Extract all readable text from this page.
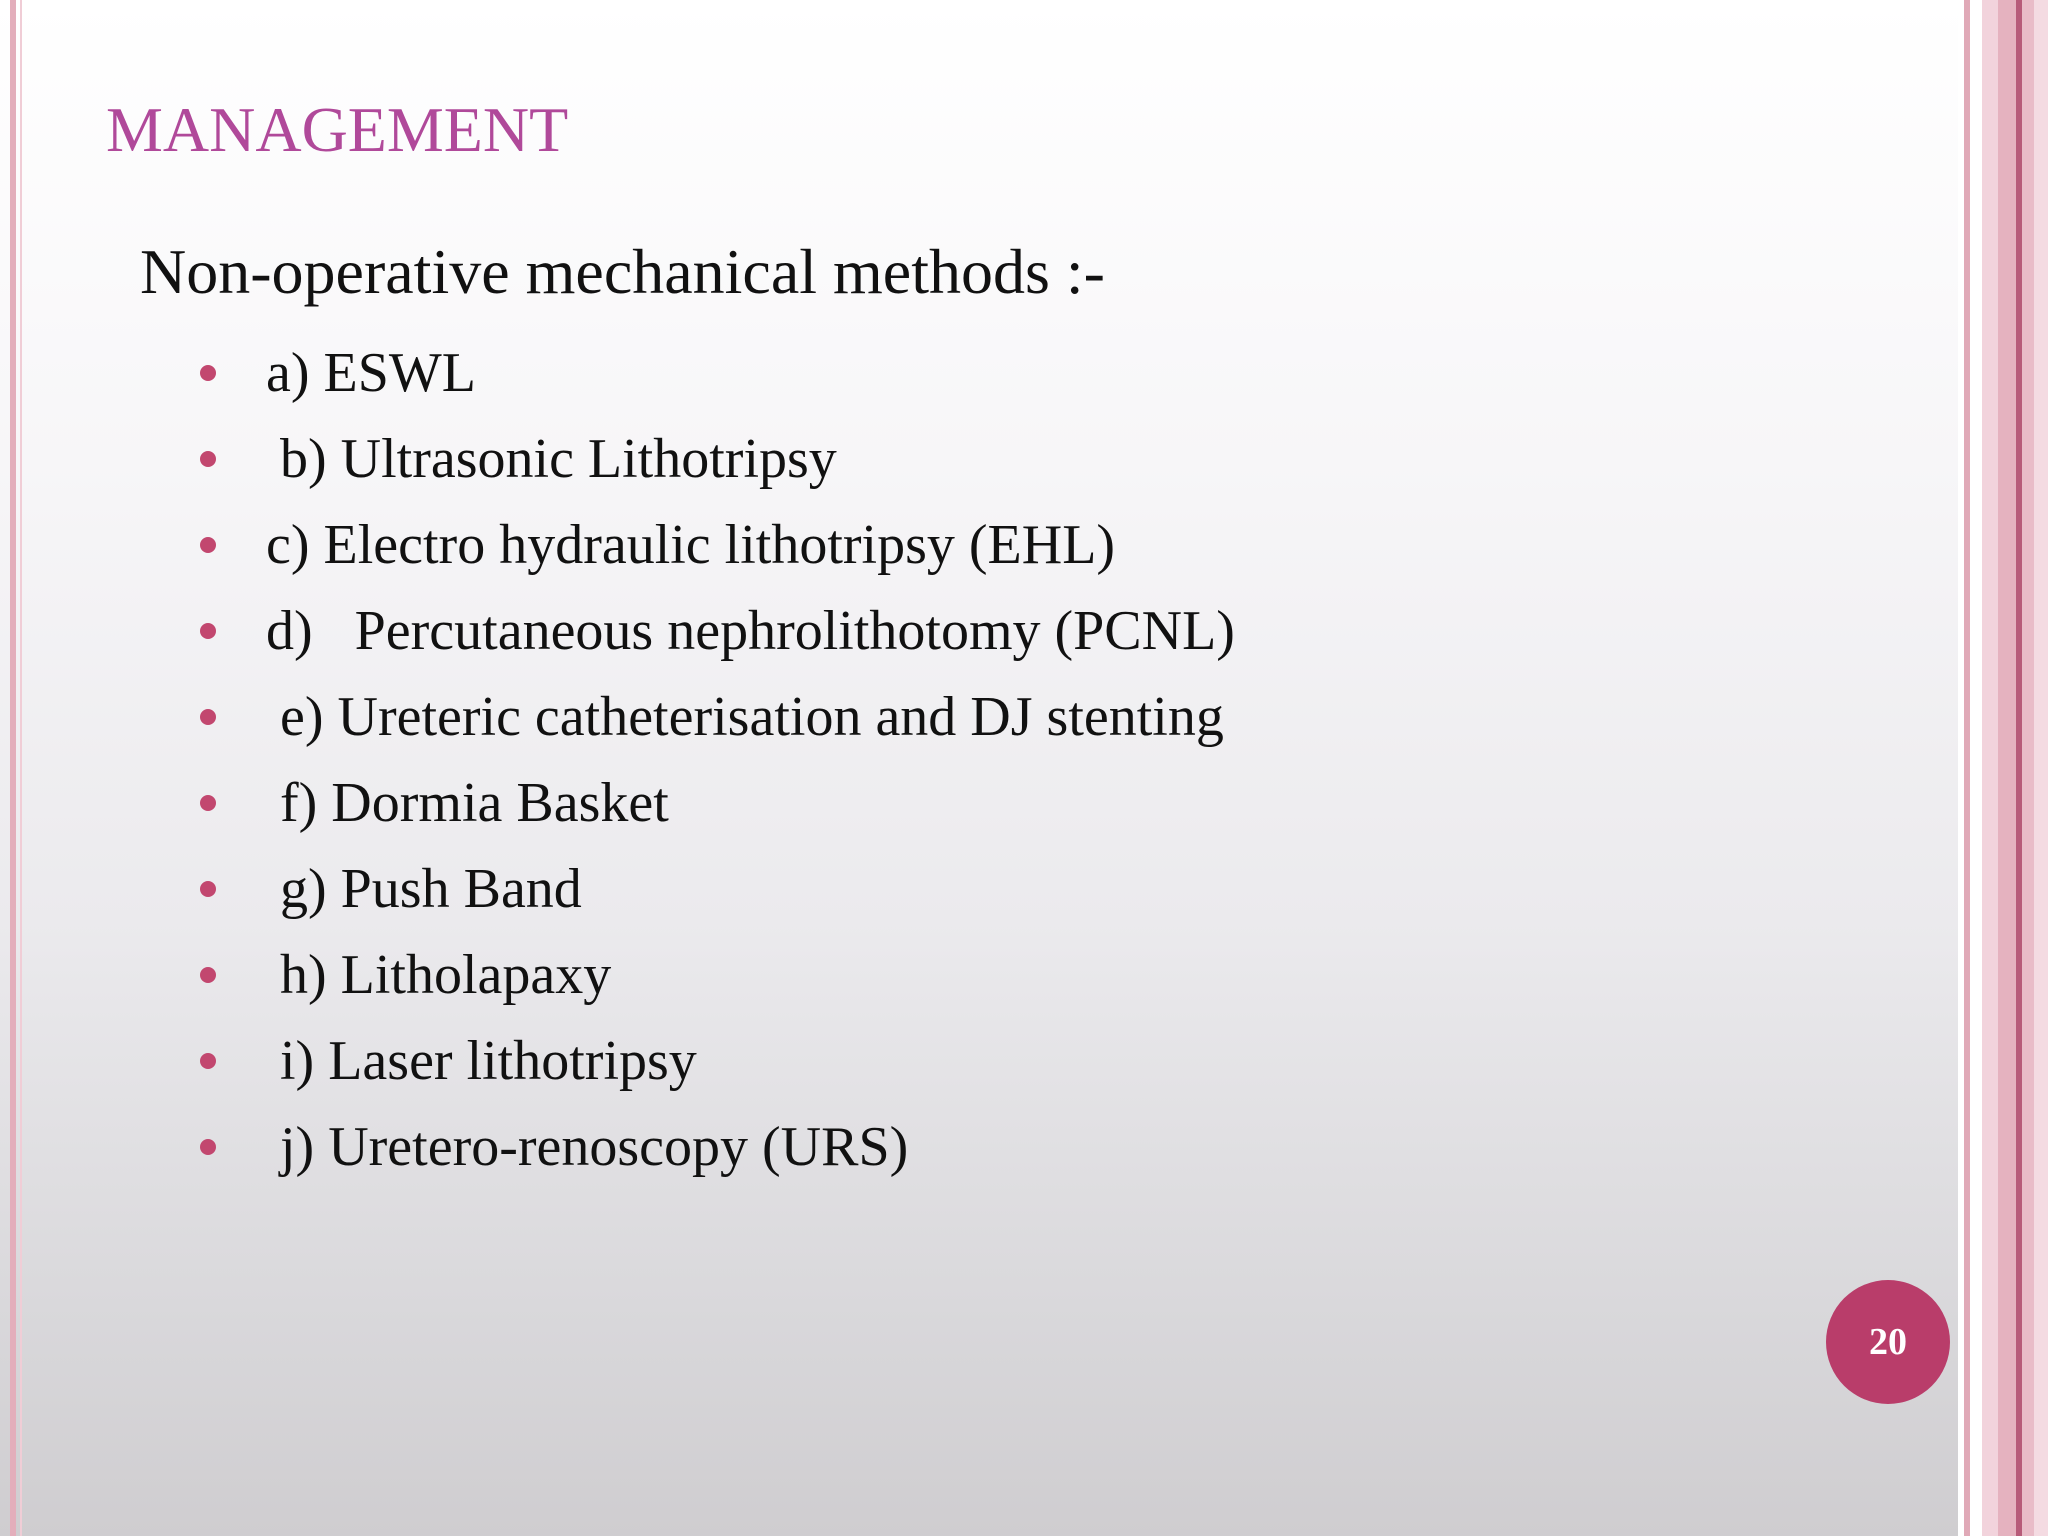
MANAGEMENT
Non-operative mechanical methods :-
a) ESWL
b) Ultrasonic Lithotripsy
c) Electro hydraulic lithotripsy (EHL)
d)   Percutaneous nephrolithotomy (PCNL)
e) Ureteric catheterisation and DJ stenting
f) Dormia Basket
g) Push Band
h) Litholapaxy
i) Laser lithotripsy
j) Uretero-renoscopy (URS)
20
